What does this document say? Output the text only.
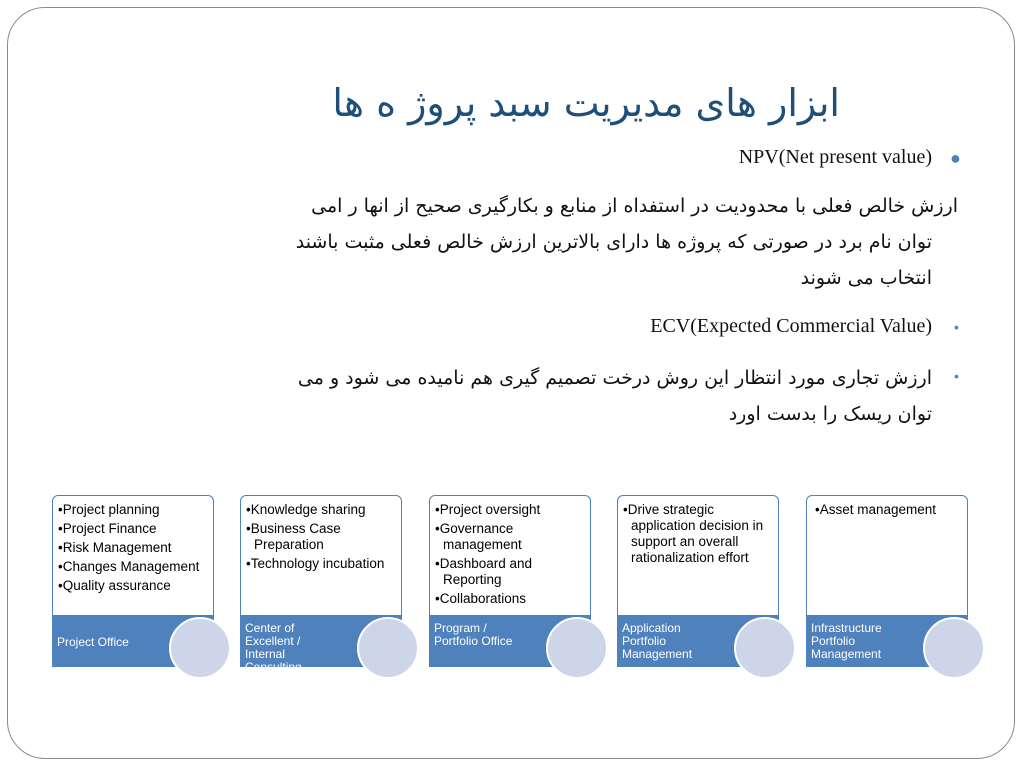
ابزار های مدیریت سبد پروژ ه ها
●
NPV(Net present value)
ارزش خالص فعلی با محدودیت در استفداه از منابع و بکارگیری صحیح از انها ر امی
توان نام برد در صورتی که پروژه ها دارای بالاترین ارزش خالص فعلی مثبت باشند
انتخاب می شوند
•
ECV(Expected Commercial Value)
•
ارزش تجاری مورد انتظار این روش درخت تصمیم گیری هم نامیده می شود و می
توان ریسک را بدست اورد
• Project planning
• Project Finance
• Risk Management
• Changes Management
• Quality assurance
Project Office
• Knowledge sharing
• Business Case Preparation
• Technology incubation
Center of Excellent / Internal Consulting
• Project oversight
• Governance management
• Dashboard and Reporting
• Collaborations
Program / Portfolio Office
• Drive strategic application decision in support an overall rationalization effort
Application Portfolio Management
• Asset management
Infrastructure Portfolio Management
